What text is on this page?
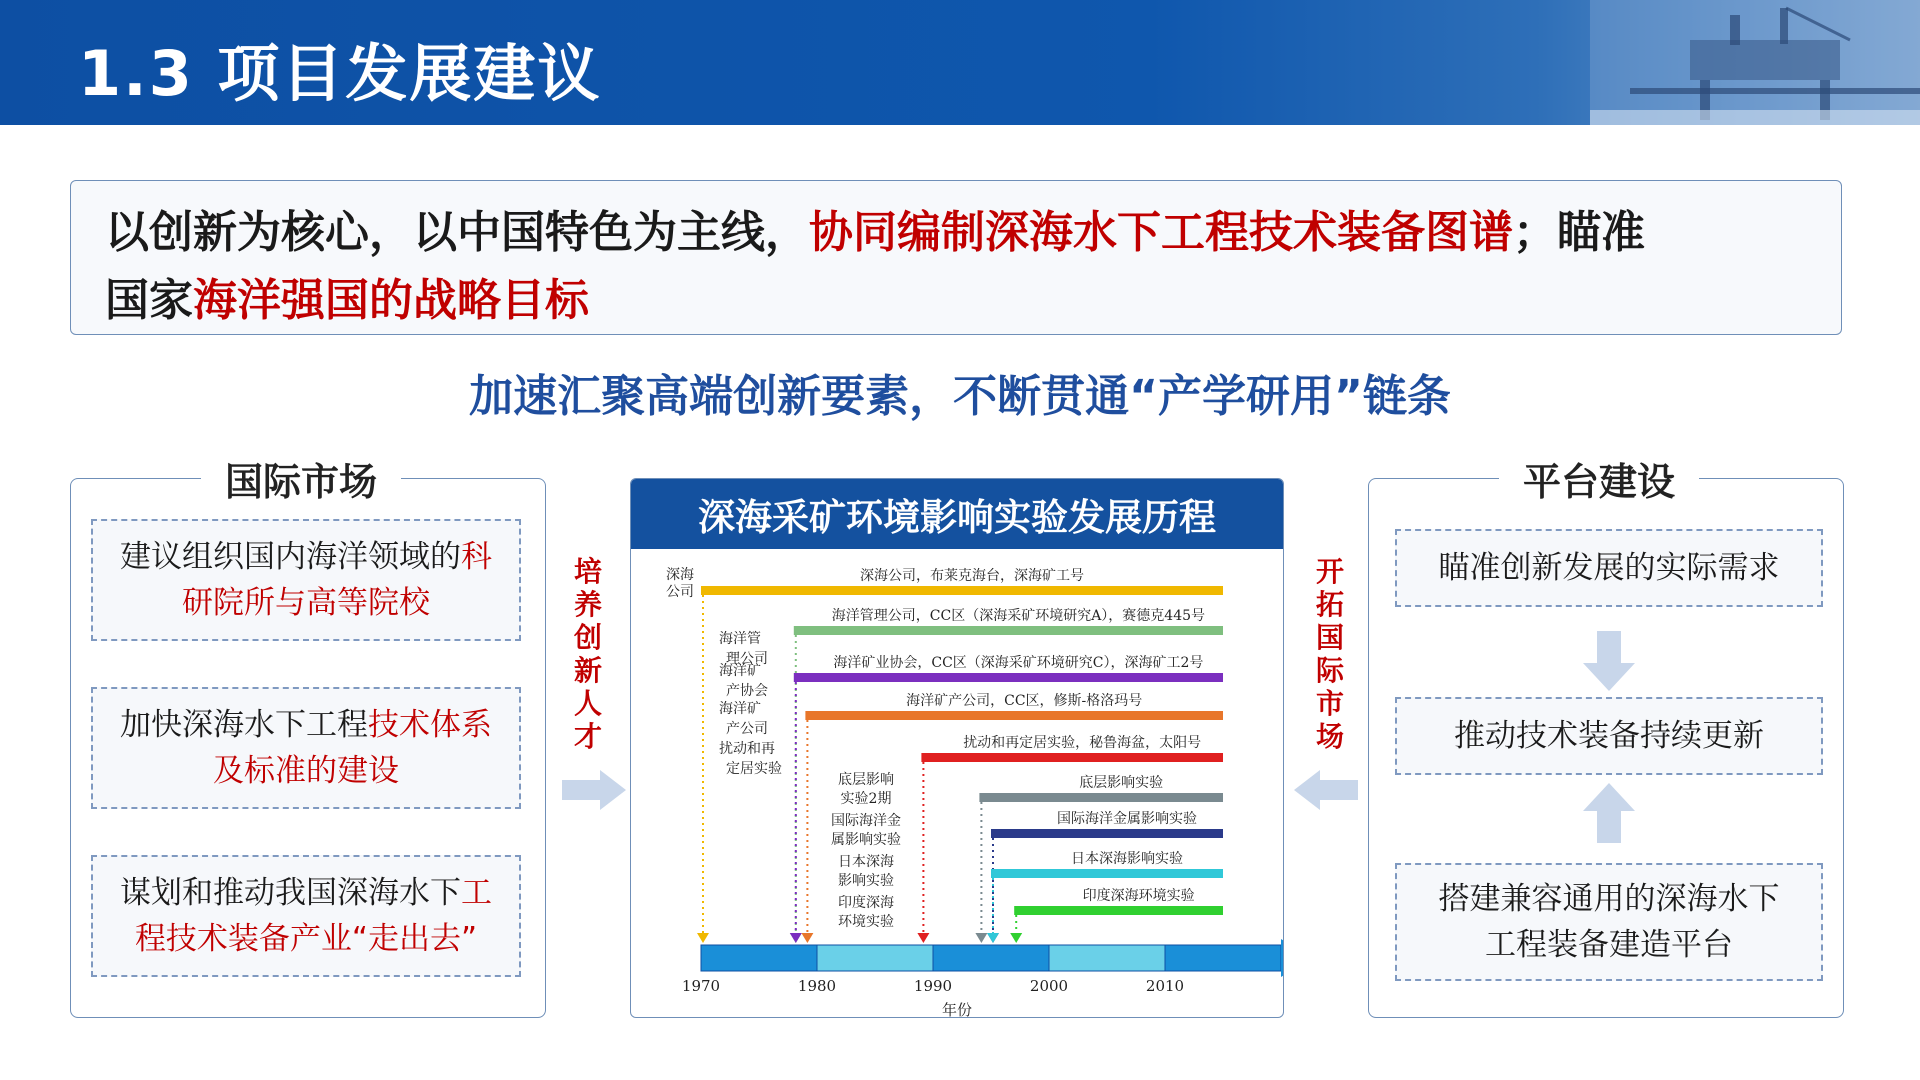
1.3 项目发展建议

以创新为核心，以中国特色为主线，协同编制深海水下工程技术装备图谱；瞄准
国家海洋强国的战略目标

加速汇聚高端创新要素，不断贯通“产学研用”链条
国际市场
建议组织国内海洋领域的科
研院所与高等院校
加快深海水下工程技术体系
及标准的建设
谋划和推动我国深海水下工
程技术装备产业“走出去”
培
养
创
新
人
才
深海采矿环境影响实验发展历程
深海公司，布莱克海台，深海矿工号
海洋管理公司，CC区（深海采矿环境研究A），赛德克445号
海洋矿业协会，CC区（深海采矿环境研究C），深海矿工2号
海洋矿产公司，CC区，修斯-格洛玛号
扰动和再定居实验，秘鲁海盆，太阳号
底层影响实验
国际海洋金属影响实验
日本深海影响实验
印度深海环境实验
深海
公司
海洋管
理公司
海洋矿
产协会
海洋矿
产公司
扰动和再
定居实验
底层影响
实验2期
国际海洋金
属影响实验
日本深海
影响实验
印度深海
环境实验
1970	1980	1990	2000	2010
年份
开
拓
国
际
市
场
平台建设
瞄准创新发展的实际需求
推动技术装备持续更新
搭建兼容通用的深海水下工程装备建造平台
